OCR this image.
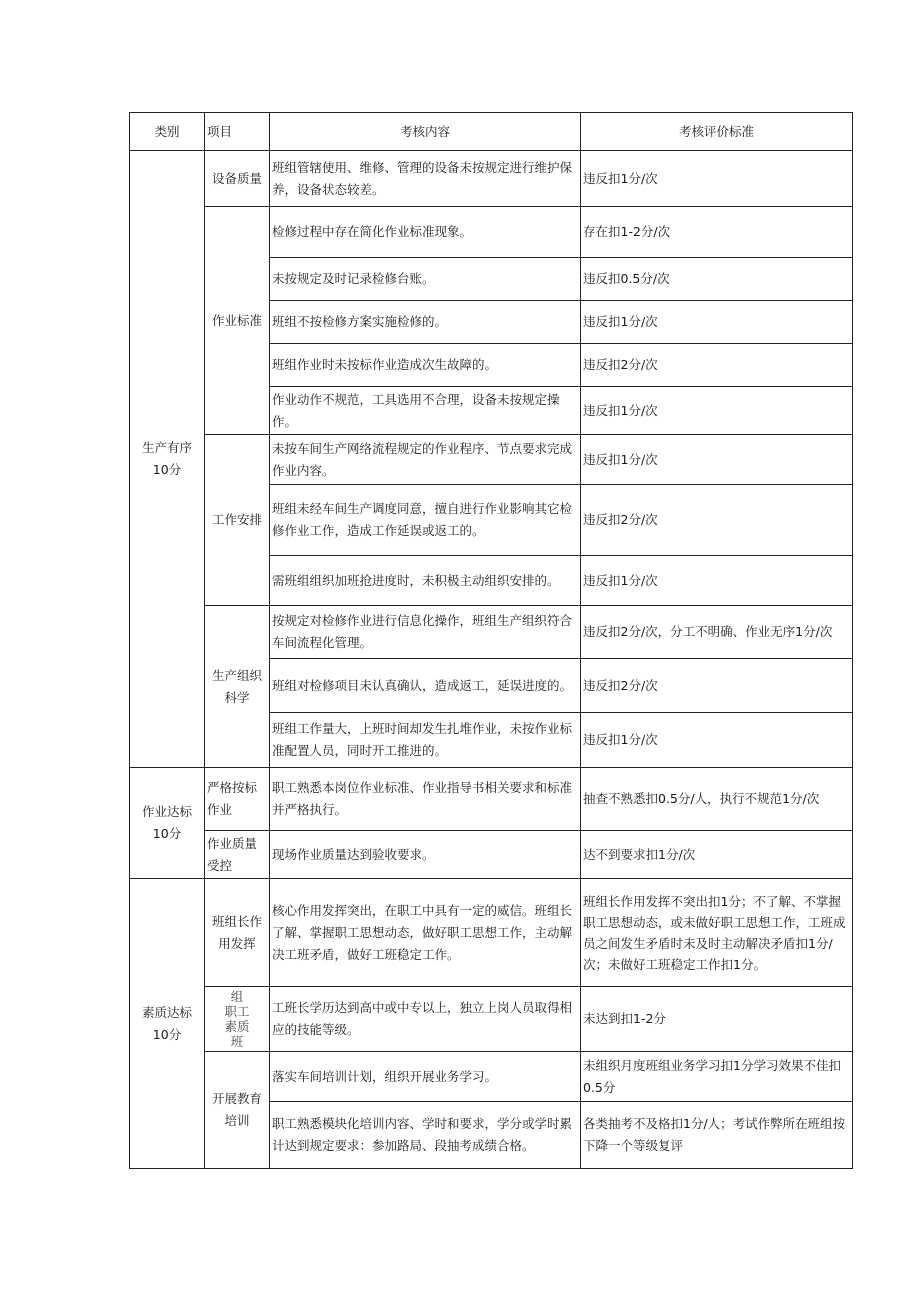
类别	项目	考核内容	考核评价标准

生产有序
10分	设备质量	班组管辖使用、维修、管理的设备未按规定进行维护保养，设备状态较差。	违反扣1分/次
	作业标准	检修过程中存在简化作业标准现象。	存在扣1-2分/次
		未按规定及时记录检修台账。	违反扣0.5分/次
		班组不按检修方案实施检修的。	违反扣1分/次
		班组作业时未按标作业造成次生故障的。	违反扣2分/次
		作业动作不规范，工具选用不合理，设备未按规定操作。	违反扣1分/次
	工作安排	未按车间生产网络流程规定的作业程序、节点要求完成作业内容。	违反扣1分/次
		班组未经车间生产调度同意，擅自进行作业影响其它检修作业工作，造成工作延误或返工的。	违反扣2分/次
		需班组组织加班抢进度时，未积极主动组织安排的。	违反扣1分/次
	生产组织科学	按规定对检修作业进行信息化操作，班组生产组织符合车间流程化管理。	违反扣2分/次，分工不明确、作业无序1分/次
		班组对检修项目未认真确认，造成返工，延误进度的。	违反扣2分/次
		班组工作量大，上班时间却发生扎堆作业，未按作业标准配置人员，同时开工推进的。	违反扣1分/次

作业达标
10分	严格按标作业	职工熟悉本岗位作业标准、作业指导书相关要求和标准并严格执行。	抽查不熟悉扣0.5分/人，执行不规范1分/次
	作业质量受控	现场作业质量达到验收要求。	达不到要求扣1分/次

素质达标
10分	班组长作用发挥	核心作用发挥突出，在职工中具有一定的威信。班组长了解、掌握职工思想动态，做好职工思想工作，主动解决工班矛盾，做好工班稳定工作。	班组长作用发挥不突出扣1分；不了解、不掌握职工思想动态，或未做好职工思想工作，工班成员之间发生矛盾时未及时主动解决矛盾扣1分/次；未做好工班稳定工作扣1分。

	组
职工
素质
班	工班长学历达到高中或中专以上，独立上岗人员取得相应的技能等级。	未达到扣1-2分
	开展教育培训	落实车间培训计划，组织开展业务学习。	未组织月度班组业务学习扣1分学习效果不佳扣0.5分
		职工熟悉模块化培训内容、学时和要求，学分或学时累计达到规定要求：参加路局、段抽考成绩合格。	各类抽考不及格扣1分/人；考试作弊所在班组按下降一个等级复评
